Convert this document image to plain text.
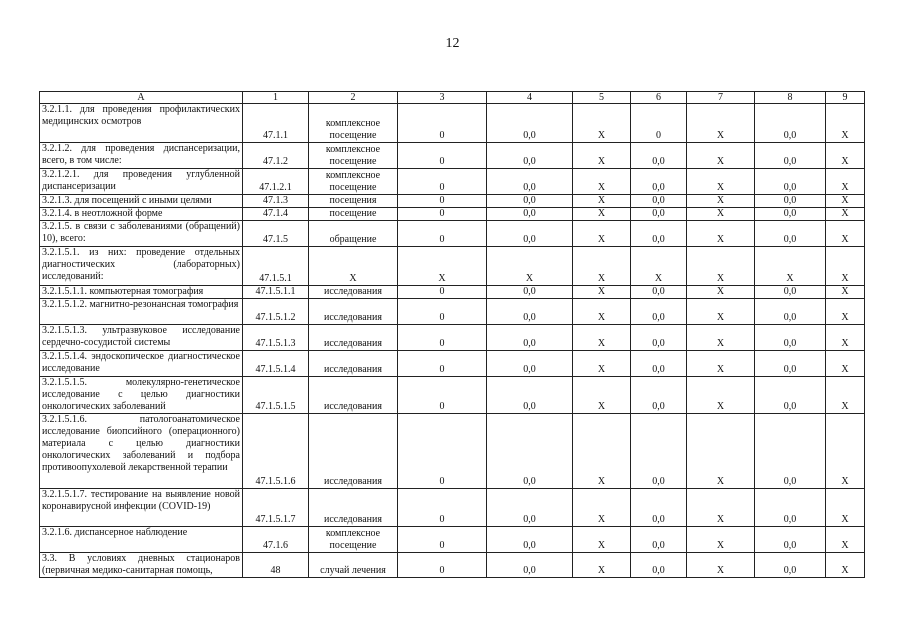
12
А	1	2	3	4	5	6	7	8	9
3.2.1.1. для проведения профилактических медицинских осмотров	47.1.1	комплексное посещение	0	0,0	X	0	X	0,0	X
3.2.1.2. для проведения диспансеризации, всего, в том числе:	47.1.2	комплексное посещение	0	0,0	X	0,0	X	0,0	X
3.2.1.2.1. для проведения углубленной диспансеризации	47.1.2.1	комплексное посещение	0	0,0	X	0,0	X	0,0	X
3.2.1.3. для посещений с иными целями	47.1.3	посещения	0	0,0	X	0,0	X	0,0	X
3.2.1.4. в неотложной форме	47.1.4	посещение	0	0,0	X	0,0	X	0,0	X
3.2.1.5. в связи с заболеваниями (обращений) 10), всего:	47.1.5	обращение	0	0,0	X	0,0	X	0,0	X
3.2.1.5.1. из них: проведение отдельных диагностических (лабораторных) исследований:	47.1.5.1	X	X	X	X	X	X	X	X
3.2.1.5.1.1. компьютерная томография	47.1.5.1.1	исследования	0	0,0	X	0,0	X	0,0	X
3.2.1.5.1.2. магнитно-резонансная томография	47.1.5.1.2	исследования	0	0,0	X	0,0	X	0,0	X
3.2.1.5.1.3. ультразвуковое исследование сердечно-сосудистой системы	47.1.5.1.3	исследования	0	0,0	X	0,0	X	0,0	X
3.2.1.5.1.4. эндоскопическое диагностическое исследование	47.1.5.1.4	исследования	0	0,0	X	0,0	X	0,0	X
3.2.1.5.1.5. молекулярно-генетическое исследование с целью диагностики онкологических заболеваний	47.1.5.1.5	исследования	0	0,0	X	0,0	X	0,0	X
3.2.1.5.1.6. патологоанатомическое исследование биопсийного (операционного) материала с целью диагностики онкологических заболеваний и подбора противоопухолевой лекарственной терапии	47.1.5.1.6	исследования	0	0,0	X	0,0	X	0,0	X
3.2.1.5.1.7. тестирование на выявление новой коронавирусной инфекции (COVID-19)	47.1.5.1.7	исследования	0	0,0	X	0,0	X	0,0	X
3.2.1.6. диспансерное наблюдение	47.1.6	комплексное посещение	0	0,0	X	0,0	X	0,0	X
3.3. В условиях дневных стационаров (первичная медико-санитарная помощь,	48	случай лечения	0	0,0	X	0,0	X	0,0	X
